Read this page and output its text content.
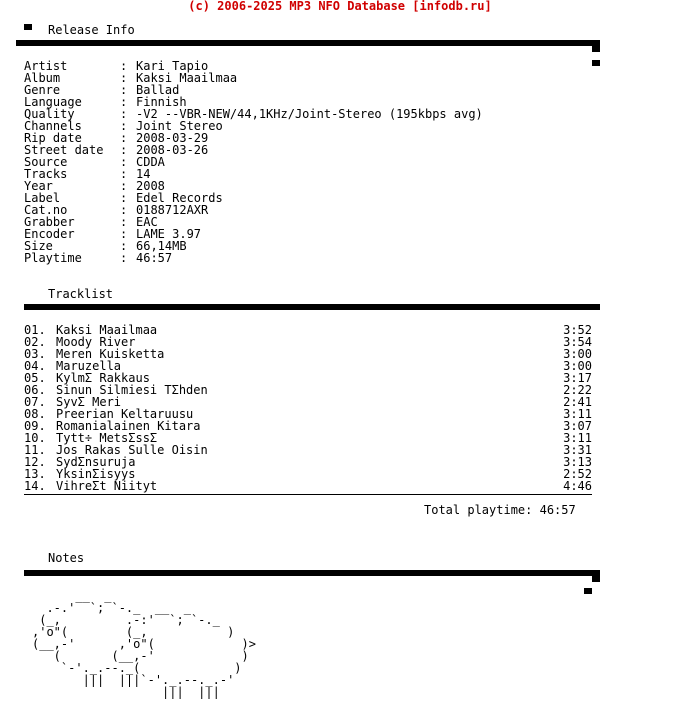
(c) 2006-2025 MP3 NFO Database [infodb.ru]

Release Info

Artist	: Kari Tapio
Album	: Kaksi Maailmaa
Genre	: Ballad
Language	: Finnish
Quality	: -V2 --VBR-NEW/44,1KHz/Joint-Stereo (195kbps avg)
Channels	: Joint Stereo
Rip date	: 2008-03-29
Street date : 2008-03-26
Source	: CDDA
Tracks	: 14
Year	: 2008
Label	: Edel Records
Cat.no	: 0188712AXR
Grabber	: EAC
Encoder	: LAME 3.97
Size	: 66,14MB
Playtime	: 46:57

Tracklist

01. Kaksi Maailmaa	3:52
02. Moody River	3:54
03. Meren Kuisketta	3:00
04. Maruzella	3:00
05. KylmΣ Rakkaus	3:17
06. Sinun Silmiesi TΣhden	2:22
07. SyvΣ Meri	2:41
08. Preerian Keltaruusu	3:11
09. Romanialainen Kitara	3:07
10. Tytt÷ MetsΣssΣ	3:11
11. Jos Rakas Sulle Oisin	3:31
12. SydΣnsuruja	3:13
13. YksinΣisyys	2:52
14. VihreΣt Niityt	4:46

Total playtime: 46:57

Notes

__  _
.-.'  `; `-._  __  _
(_,         .-:'  `; `-._
,'o"(        (_,           )
(__,-'      ,'o"(            )>
(       (__,-'            )
`-'._.--._(             )
|||  |||`-'._.--._.-'
|||  |||
